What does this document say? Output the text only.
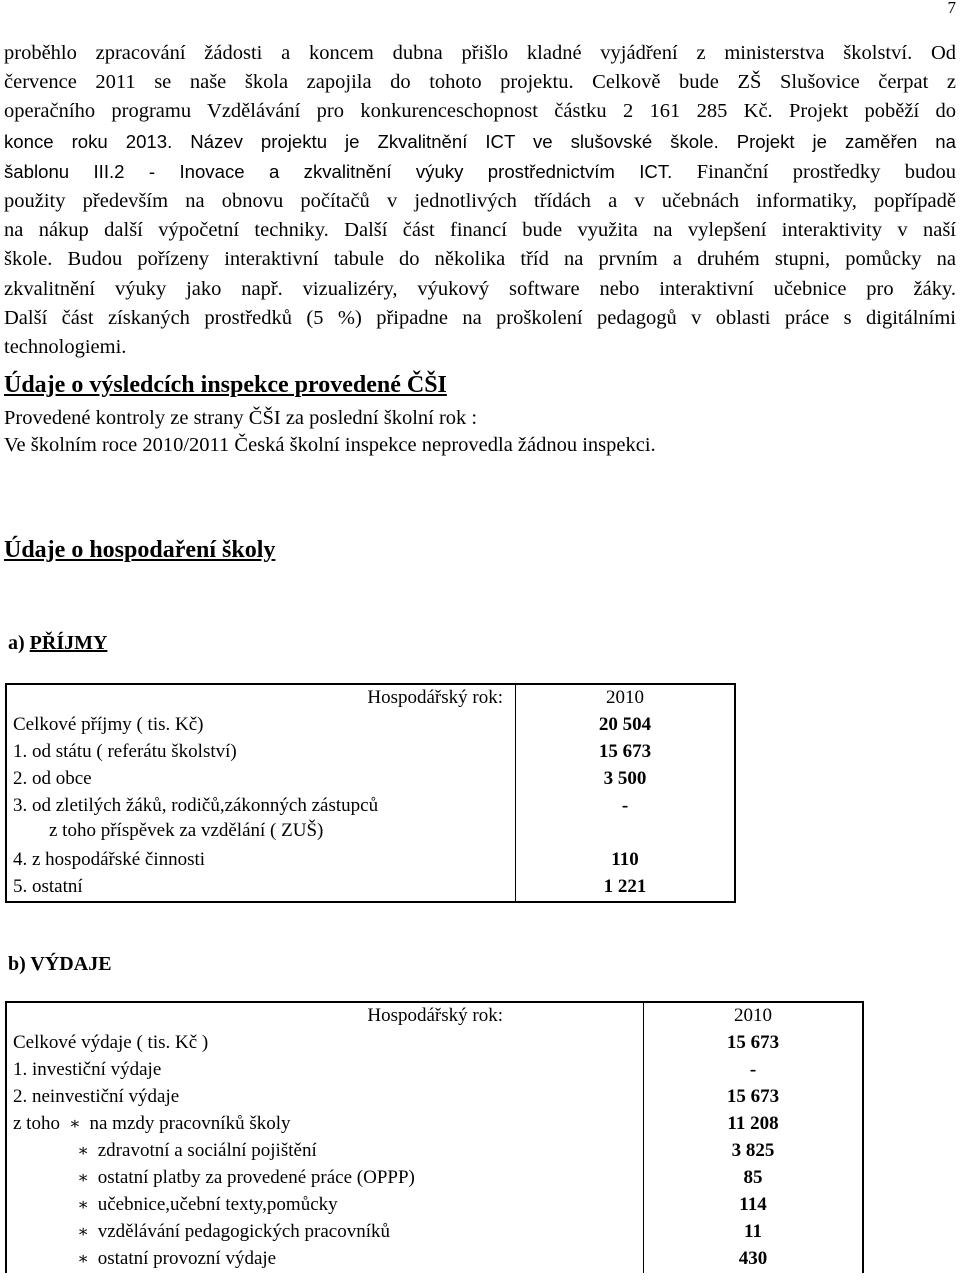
7
proběhlo zpracování žádosti a koncem dubna přišlo kladné vyjádření z ministerstva školství. Od
července 2011 se naše škola zapojila do tohoto projektu. Celkově bude ZŠ Slušovice čerpat z
operačního programu Vzdělávání pro konkurenceschopnost částku 2 161 285 Kč. Projekt poběží do
konce roku 2013. Název projektu je Zkvalitnění ICT ve slušovské škole. Projekt je zaměřen na
šablonu III.2 - Inovace a zkvalitnění výuky prostřednictvím ICT. Finanční prostředky budou
použity především na obnovu počítačů v jednotlivých třídách a v učebnách informatiky, popřípadě
na nákup další výpočetní techniky. Další část financí bude využita na vylepšení interaktivity v naší
škole. Budou pořízeny interaktivní tabule do několika tříd na prvním a druhém stupni, pomůcky na
zkvalitnění výuky jako např. vizualizéry, výukový software nebo interaktivní učebnice pro žáky.
Další část získaných prostředků (5 %) připadne na proškolení pedagogů v oblasti práce s digitálními
technologiemi.
Údaje o výsledcích inspekce provedené ČŠI
Provedené kontroly ze strany ČŠI za poslední školní rok :
Ve školním roce 2010/2011 Česká školní inspekce neprovedla žádnou inspekci.
Údaje o hospodaření školy
a) PŘÍJMY
Hospodářský rok:	2010
Celkové příjmy ( tis. Kč)	20 504
1. od státu ( referátu školství)	15 673
2. od obce	3 500
3. od zletilých žáků, rodičů,zákonných zástupců
z toho příspěvek za vzdělání ( ZUŠ)	-
4. z hospodářské činnosti	110
5. ostatní	1 221
b) VÝDAJE
Hospodářský rok:	2010
Celkové výdaje ( tis. Kč )	15 673
1. investiční výdaje	-
2. neinvestiční výdaje	15 673
z toho ∗ na mzdy pracovníků školy	11 208
∗ zdravotní a sociální pojištění	3 825
∗ ostatní platby za provedené práce (OPPP)	85
∗ učebnice,učební texty,pomůcky	114
∗ vzdělávání pedagogických pracovníků	11
∗ ostatní provozní výdaje	430
